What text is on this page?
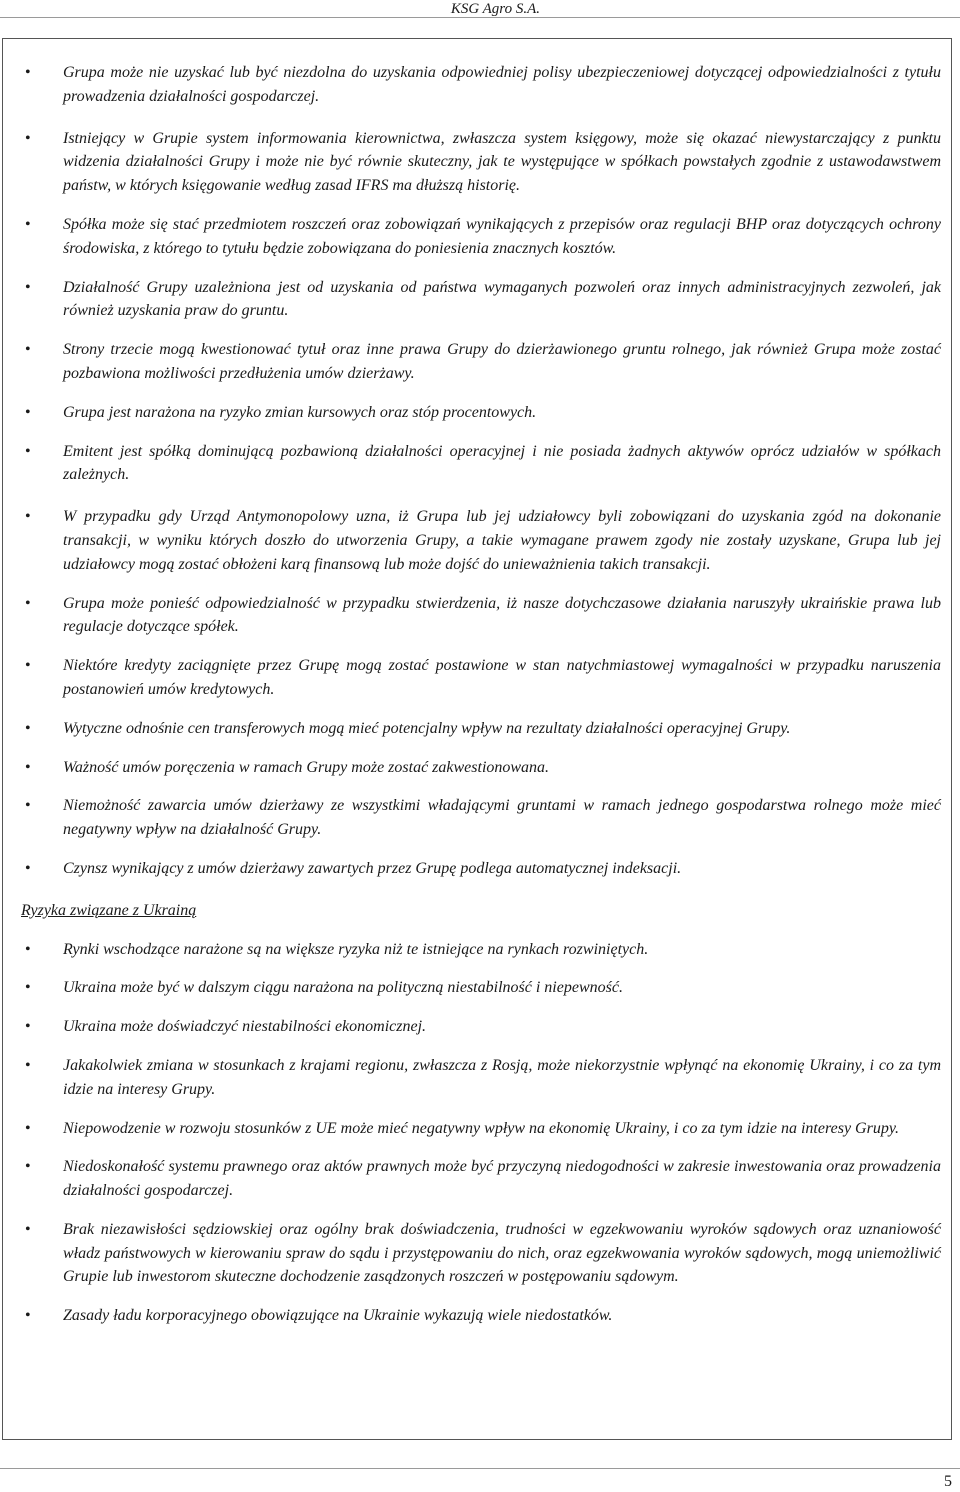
KSG Agro S.A.
• Grupa może nie uzyskać lub być niezdolna do uzyskania odpowiedniej polisy ubezpieczeniowej dotyczącej odpowiedzialności z tytułu prowadzenia działalności gospodarczej.
• Istniejący w Grupie system informowania kierownictwa, zwłaszcza system księgowy, może się okazać niewystarczający z punktu widzenia działalności Grupy i może nie być równie skuteczny, jak te występujące w spółkach powstałych zgodnie z ustawodawstwem państw, w których księgowanie według zasad IFRS ma dłuższą historię.
• Spółka może się stać przedmiotem roszczeń oraz zobowiązań wynikających z przepisów oraz regulacji BHP oraz dotyczących ochrony środowiska, z którego to tytułu będzie zobowiązana do poniesienia znacznych kosztów.
• Działalność Grupy uzależniona jest od uzyskania od państwa wymaganych pozwoleń oraz innych administracyjnych zezwoleń, jak również uzyskania praw do gruntu.
• Strony trzecie mogą kwestionować tytuł oraz inne prawa Grupy do dzierżawionego gruntu rolnego, jak również Grupa może zostać pozbawiona możliwości przedłużenia umów dzierżawy.
• Grupa jest narażona na ryzyko zmian kursowych oraz stóp procentowych.
• Emitent jest spółką dominującą pozbawioną działalności operacyjnej i nie posiada żadnych aktywów oprócz udziałów w spółkach zależnych.
• W przypadku gdy Urząd Antymonopolowy uzna, iż Grupa lub jej udziałowcy byli zobowiązani do uzyskania zgód na dokonanie transakcji, w wyniku których doszło do utworzenia Grupy, a takie wymagane prawem zgody nie zostały uzyskane, Grupa lub jej udziałowcy mogą zostać obłożeni karą finansową lub może dojść do unieważnienia takich transakcji.
• Grupa może ponieść odpowiedzialność w przypadku stwierdzenia, iż nasze dotychczasowe działania naruszyły ukraińskie prawa lub regulacje dotyczące spółek.
• Niektóre kredyty zaciągnięte przez Grupę mogą zostać postawione w stan natychmiastowej wymagalności w przypadku naruszenia postanowień umów kredytowych.
• Wytyczne odnośnie cen transferowych mogą mieć potencjalny wpływ na rezultaty działalności operacyjnej Grupy.
• Ważność umów poręczenia w ramach Grupy może zostać zakwestionowana.
• Niemożność zawarcia umów dzierżawy ze wszystkimi władającymi gruntami w ramach jednego gospodarstwa rolnego może mieć negatywny wpływ na działalność Grupy.
• Czynsz wynikający z umów dzierżawy zawartych przez Grupę podlega automatycznej indeksacji.
Ryzyka związane z Ukrainą
• Rynki wschodzące narażone są na większe ryzyka niż te istniejące na rynkach rozwiniętych.
• Ukraina może być w dalszym ciągu narażona na polityczną niestabilność i niepewność.
• Ukraina może doświadczyć niestabilności ekonomicznej.
• Jakakolwiek zmiana w stosunkach z krajami regionu, zwłaszcza z Rosją, może niekorzystnie wpłynąć na ekonomię Ukrainy, i co za tym idzie na interesy Grupy.
• Niepowodzenie w rozwoju stosunków z UE może mieć negatywny wpływ na ekonomię Ukrainy, i co za tym idzie na interesy Grupy.
• Niedoskonałość systemu prawnego oraz aktów prawnych może być przyczyną niedogodności w zakresie inwestowania oraz prowadzenia działalności gospodarczej.
• Brak niezawisłości sędziowskiej oraz ogólny brak doświadczenia, trudności w egzekwowaniu wyroków sądowych oraz uznaniowość władz państwowych w kierowaniu spraw do sądu i przystępowaniu do nich, oraz egzekwowania wyroków sądowych, mogą uniemożliwić Grupie lub inwestorom skuteczne dochodzenie zasądzonych roszczeń w postępowaniu sądowym.
• Zasady ładu korporacyjnego obowiązujące na Ukrainie wykazują wiele niedostatków.
5
